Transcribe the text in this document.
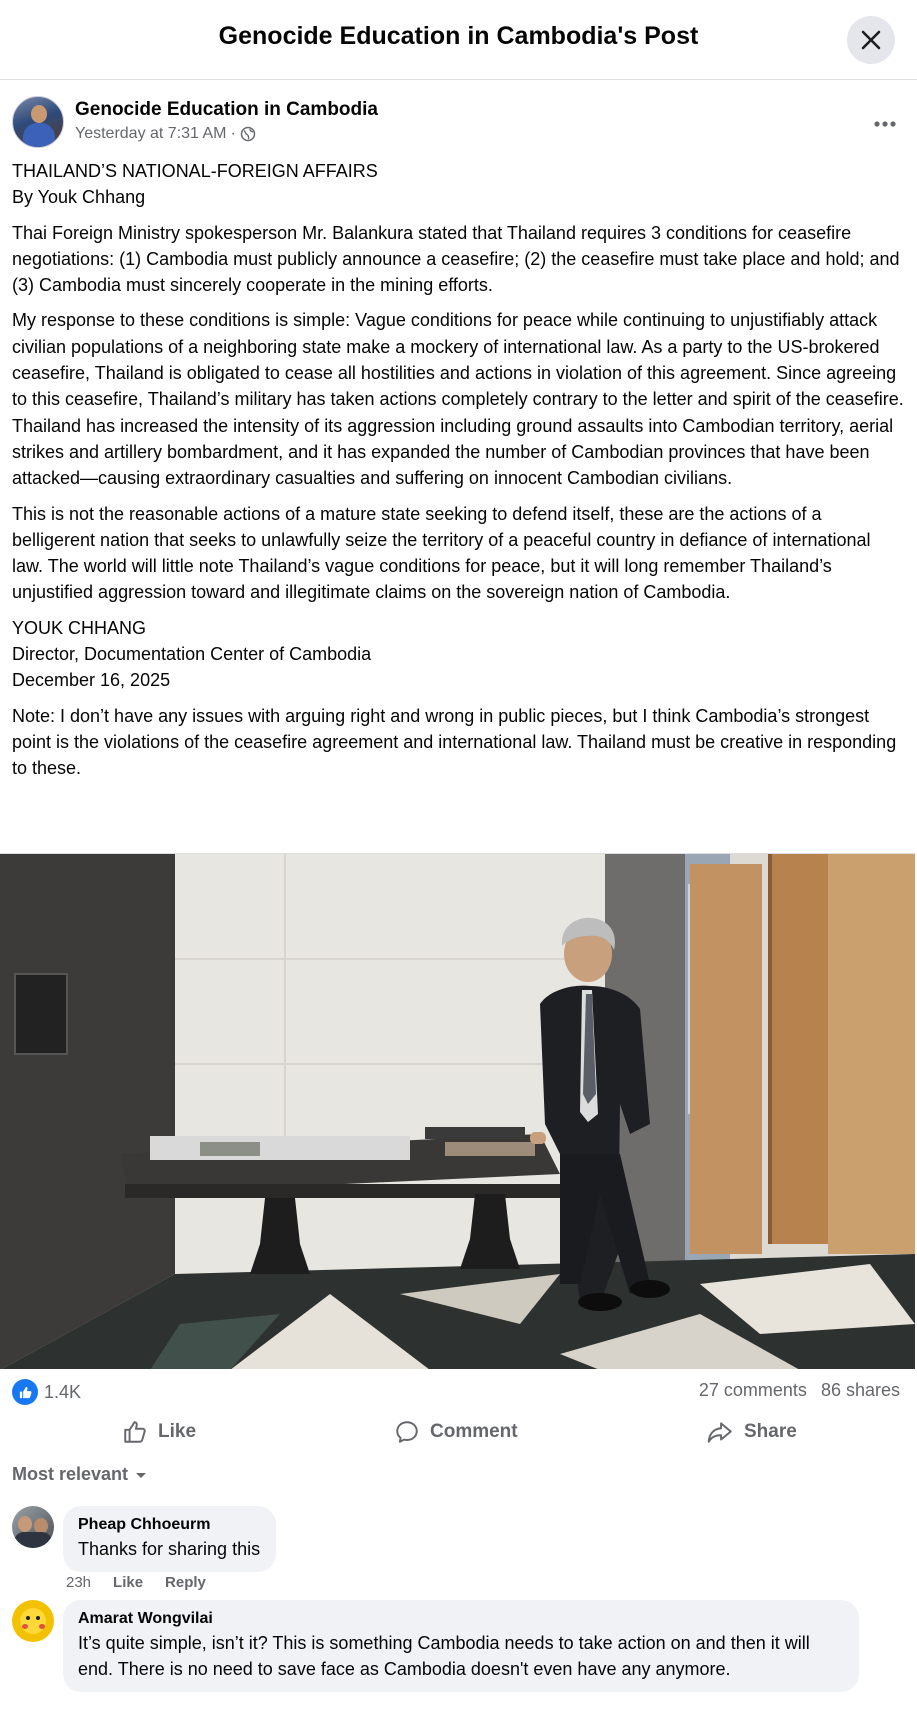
Genocide Education in Cambodia's Post
Genocide Education in Cambodia
Yesterday at 7:31 AM ·

THAILAND’S NATIONAL-FOREIGN AFFAIRS
By Youk Chhang

Thai Foreign Ministry spokesperson Mr. Balankura stated that Thailand requires 3 conditions for ceasefire negotiations: (1) Cambodia must publicly announce a ceasefire; (2) the ceasefire must take place and hold; and (3) Cambodia must sincerely cooperate in the mining efforts.

My response to these conditions is simple: Vague conditions for peace while continuing to unjustifiably attack civilian populations of a neighboring state make a mockery of international law. As a party to the US-brokered ceasefire, Thailand is obligated to cease all hostilities and actions in violation of this agreement. Since agreeing to this ceasefire, Thailand’s military has taken actions completely contrary to the letter and spirit of the ceasefire. Thailand has increased the intensity of its aggression including ground assaults into Cambodian territory, aerial strikes and artillery bombardment, and it has expanded the number of Cambodian provinces that have been attacked—causing extraordinary casualties and suffering on innocent Cambodian civilians.

This is not the reasonable actions of a mature state seeking to defend itself, these are the actions of a belligerent nation that seeks to unlawfully seize the territory of a peaceful country in defiance of international law. The world will little note Thailand’s vague conditions for peace, but it will long remember Thailand’s unjustified aggression toward and illegitimate claims on the sovereign nation of Cambodia.

YOUK CHHANG
Director, Documentation Center of Cambodia
December 16, 2025

Note: I don’t have any issues with arguing right and wrong in public pieces, but I think Cambodia’s strongest point is the violations of the ceasefire agreement and international law. Thailand must be creative in responding to these.

1.4K	27 comments 86 shares
Like	Comment	Share
Most relevant
Pheap Chhoeurm
Thanks for sharing this
23h Like Reply
Amarat Wongvilai
It’s quite simple, isn’t it? This is something Cambodia needs to take action on and then it will end. There is no need to save face as Cambodia doesn't even have any anymore.
